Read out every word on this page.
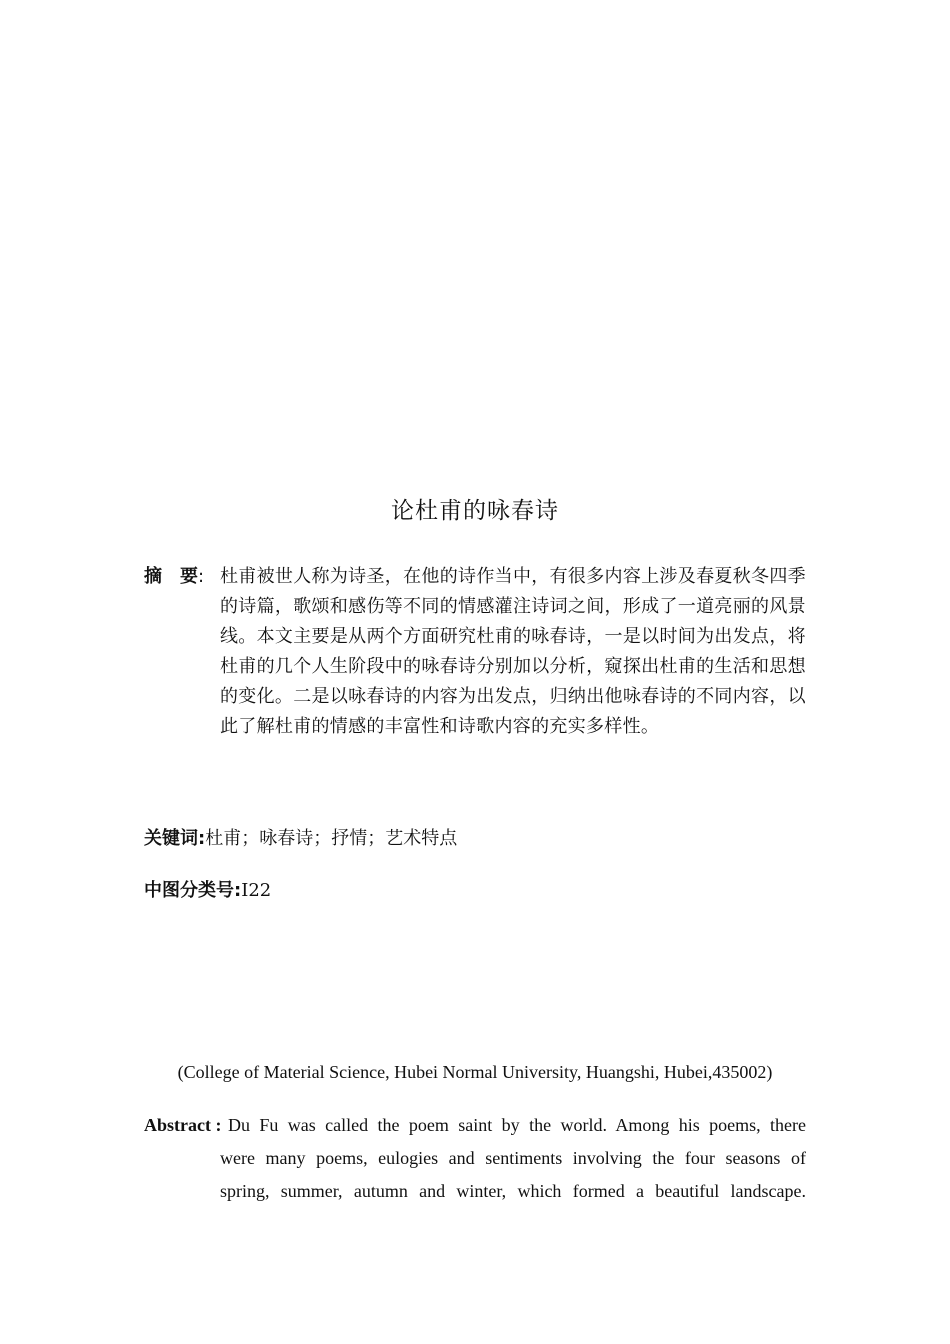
论杜甫的咏春诗
摘 要: 杜甫被世人称为诗圣，在他的诗作当中，有很多内容上涉及春夏秋冬四季的诗篇，歌颂和感伤等不同的情感灌注诗词之间，形成了一道亮丽的风景线。本文主要是从两个方面研究杜甫的咏春诗，一是以时间为出发点，将杜甫的几个人生阶段中的咏春诗分别加以分析，窥探出杜甫的生活和思想的变化。二是以咏春诗的内容为出发点，归纳出他咏春诗的不同内容，以此了解杜甫的情感的丰富性和诗歌内容的充实多样性。
关键词:杜甫；咏春诗；抒情；艺术特点
中图分类号:I22
(College of Material Science, Hubei Normal University, Huangshi, Hubei,435002)
Abstract : Du Fu was called the poem saint by the world. Among his poems, there
were many poems, eulogies and sentiments involving the four seasons of
spring, summer, autumn and winter, which formed a beautiful landscape.
